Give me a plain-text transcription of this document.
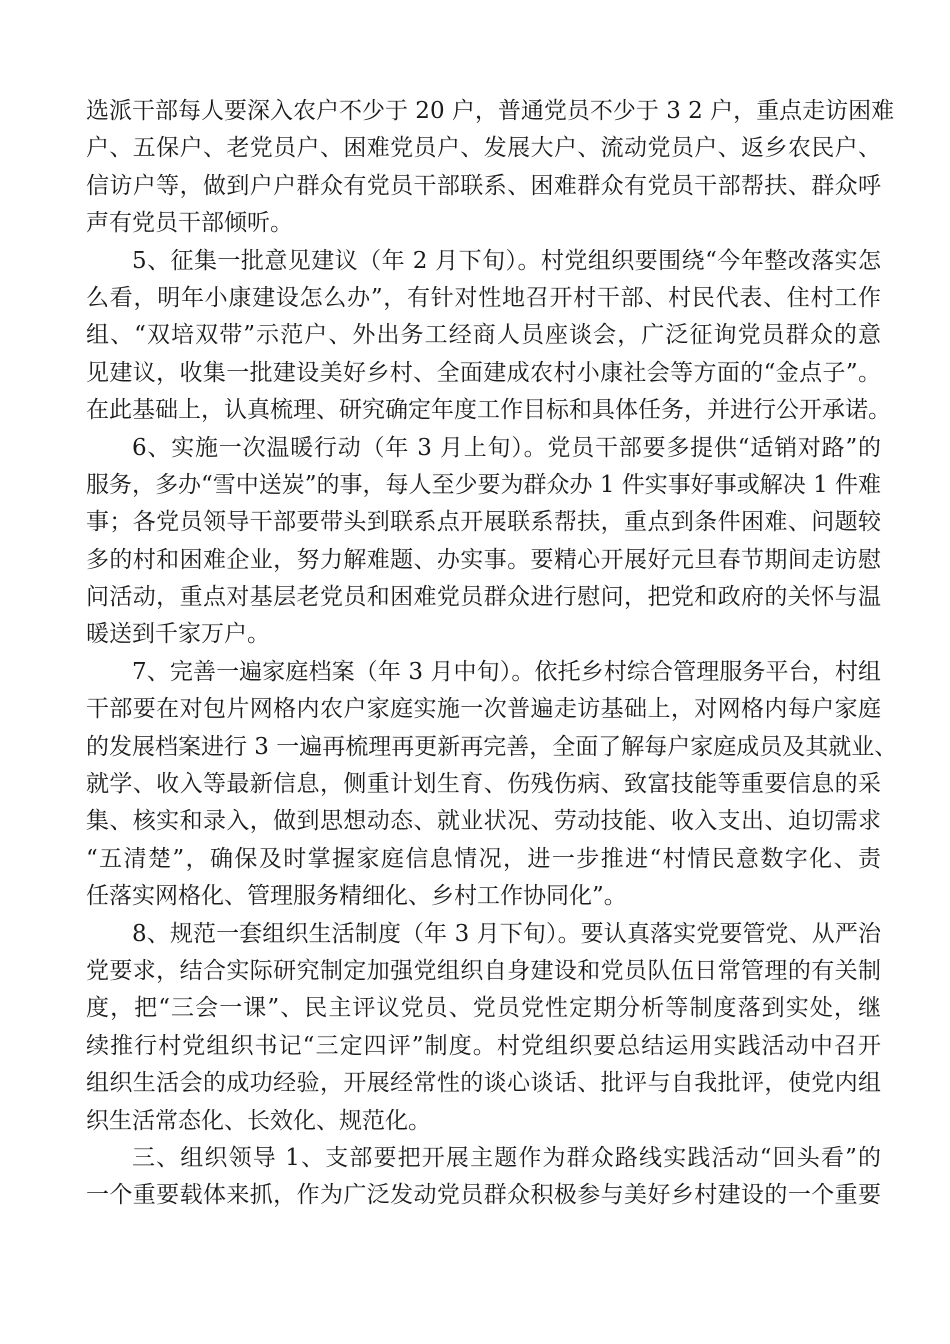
选派干部每人要深入农户不少于 20 户，普通党员不少于 3 2 户，重点走访困难
户、五保户、老党员户、困难党员户、发展大户、流动党员户、返乡农民户、
信访户等，做到户户群众有党员干部联系、困难群众有党员干部帮扶、群众呼
声有党员干部倾听。
5、征集一批意见建议（年 2 月下旬）。村党组织要围绕“今年整改落实怎
么看，明年小康建设怎么办”，有针对性地召开村干部、村民代表、住村工作
组、“双培双带”示范户、外出务工经商人员座谈会，广泛征询党员群众的意
见建议，收集一批建设美好乡村、全面建成农村小康社会等方面的“金点子”。
在此基础上，认真梳理、研究确定年度工作目标和具体任务，并进行公开承诺。
6、实施一次温暖行动（年 3 月上旬）。党员干部要多提供“适销对路”的
服务，多办“雪中送炭”的事，每人至少要为群众办 1 件实事好事或解决 1 件难
事；各党员领导干部要带头到联系点开展联系帮扶，重点到条件困难、问题较
多的村和困难企业，努力解难题、办实事。要精心开展好元旦春节期间走访慰
问活动，重点对基层老党员和困难党员群众进行慰问，把党和政府的关怀与温
暖送到千家万户。
7、完善一遍家庭档案（年 3 月中旬）。依托乡村综合管理服务平台，村组
干部要在对包片网格内农户家庭实施一次普遍走访基础上，对网格内每户家庭
的发展档案进行 3 一遍再梳理再更新再完善，全面了解每户家庭成员及其就业、
就学、收入等最新信息，侧重计划生育、伤残伤病、致富技能等重要信息的采
集、核实和录入，做到思想动态、就业状况、劳动技能、收入支出、迫切需求
“五清楚”，确保及时掌握家庭信息情况，进一步推进“村情民意数字化、责
任落实网格化、管理服务精细化、乡村工作协同化”。
8、规范一套组织生活制度（年 3 月下旬）。要认真落实党要管党、从严治
党要求，结合实际研究制定加强党组织自身建设和党员队伍日常管理的有关制
度，把“三会一课”、民主评议党员、党员党性定期分析等制度落到实处，继
续推行村党组织书记“三定四评”制度。村党组织要总结运用实践活动中召开
组织生活会的成功经验，开展经常性的谈心谈话、批评与自我批评，使党内组
织生活常态化、长效化、规范化。
三、组织领导 1、支部要把开展主题作为群众路线实践活动“回头看”的
一个重要载体来抓，作为广泛发动党员群众积极参与美好乡村建设的一个重要
